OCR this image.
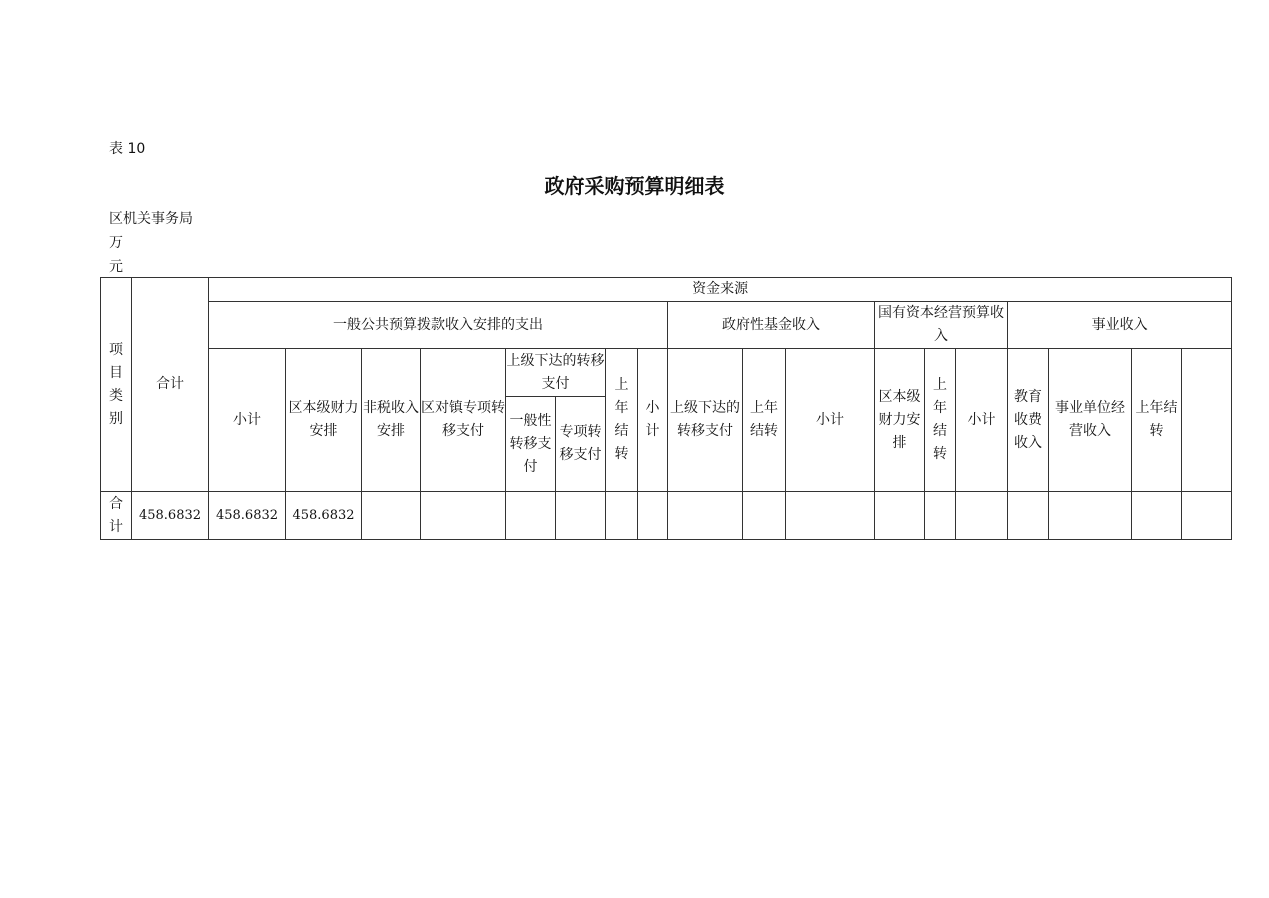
表 10
政府采购预算明细表
区机关事务局
万
元
项目类别	合计	资金来源																		
		一般公共预算拨款收入安排的支出								政府性基金收入			国有资本经营预算收入			事业收入	
		小计	区本级财力安排	非税收入安排	区对镇专项转移支付	上级下达的转移支付		上年结转	小计	上级下达的转移支付	上年结转	小计	区本级财力安排	上年结转	小计	教育收费收入	事业单位经营收入	上年结转		
						一般性转移支付	专项转移支付													

合计	458.6832	458.6832	458.6832																	
